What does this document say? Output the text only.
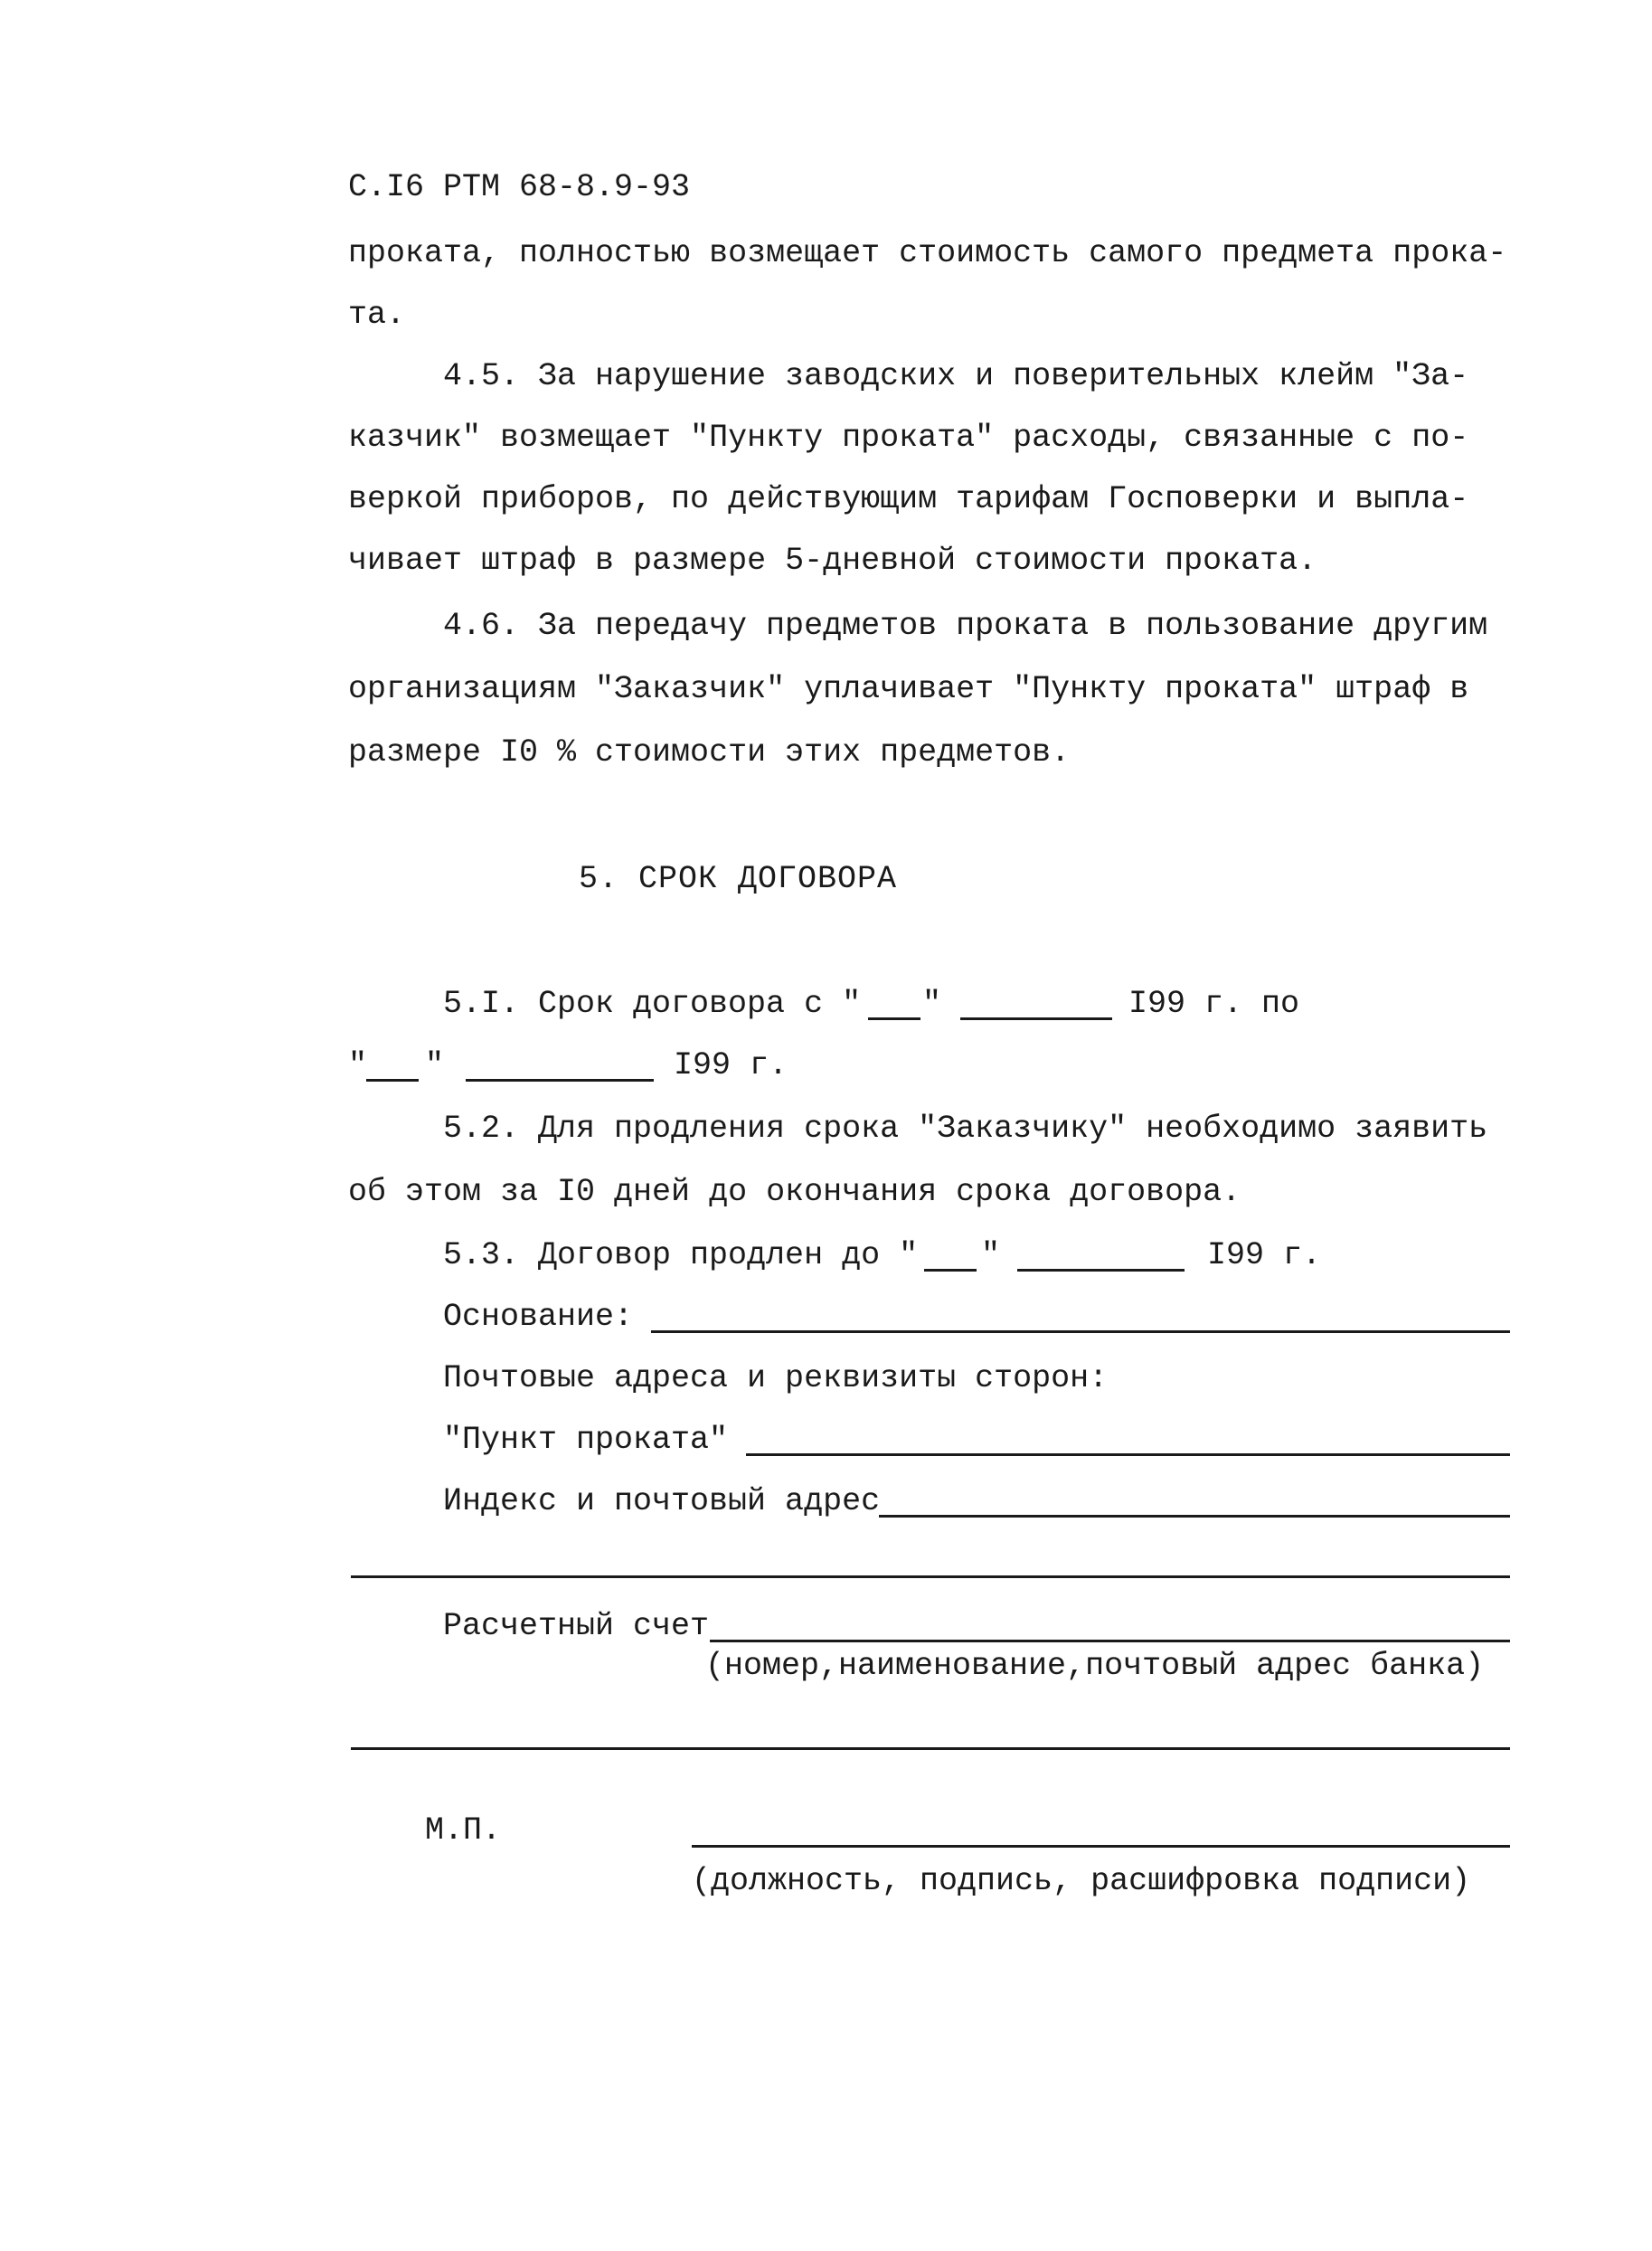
С.I6 РТМ 68-8.9-93

проката, полностью возмещает стоимость самого предмета прока-

та.

4.5. За нарушение заводских и поверительных клейм "За-

казчик" возмещает "Пункту проката" расходы, связанные с по-

веркой приборов, по действующим тарифам Госповерки и выпла-

чивает штраф в размере 5-дневной стоимости проката.

4.6. За передачу предметов проката в пользование другим

организациям "Заказчик" уплачивает "Пункту проката" штраф в

размере I0 % стоимости этих предметов.

5. СРОК ДОГОВОРА

5.I. Срок договора с "

"

	I99 г. по

"

"

	I99 г.

5.2. Для продления срока "Заказчику" необходимо заявить

об этом за I0 дней до окончания срока договора.

5.3. Договор продлен до "

"

	I99 г.

Основание:

Почтовые адреса и реквизиты сторон:

"Пункт проката"

Индекс и почтовый адрес

Расчетный счет

(номер,наименование,почтовый адрес банка)

М.П.

(должность, подпись, расшифровка подписи)
